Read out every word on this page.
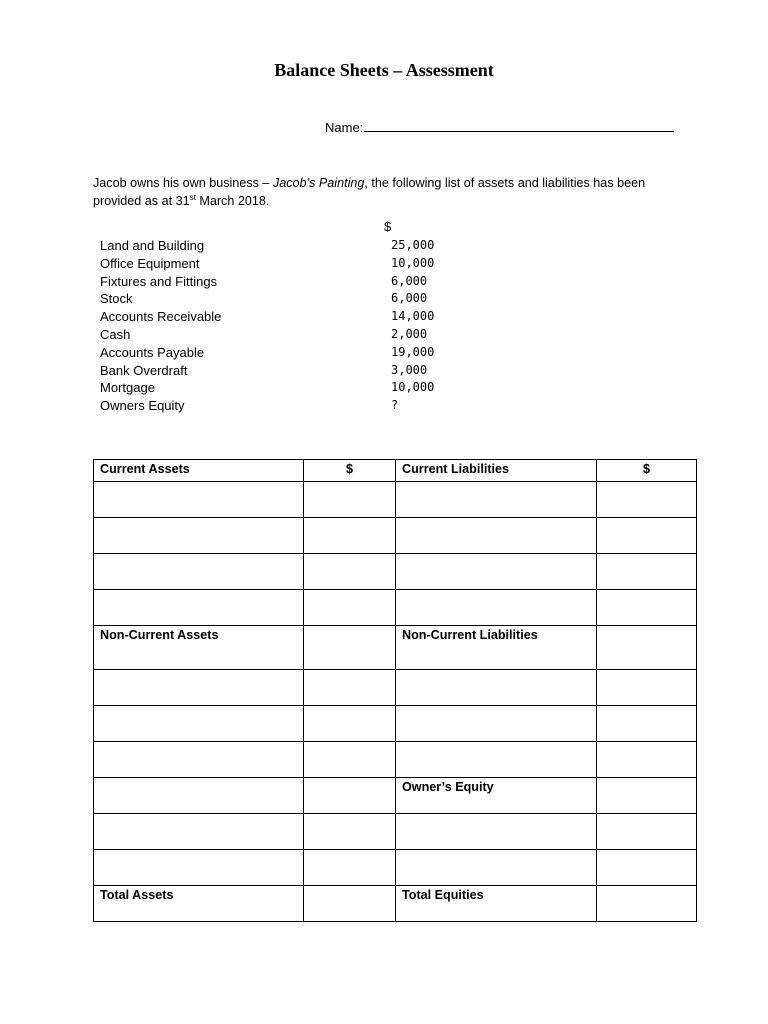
Balance Sheets – Assessment
Name:
Jacob owns his own business – Jacob’s Painting, the following list of assets and liabilities has been provided as at 31st March 2018.
$
Land and Building	25,000
Office Equipment	10,000
Fixtures and Fittings	6,000
Stock	6,000
Accounts Receivable	14,000
Cash	2,000
Accounts Payable	19,000
Bank Overdraft	3,000
Mortgage	10,000
Owners Equity	?
Current Assets	$	Current Liabilities	$

Non-Current Assets		Non-Current Liabilities	

		Owner’s Equity	

Total Assets		Total Equities	
